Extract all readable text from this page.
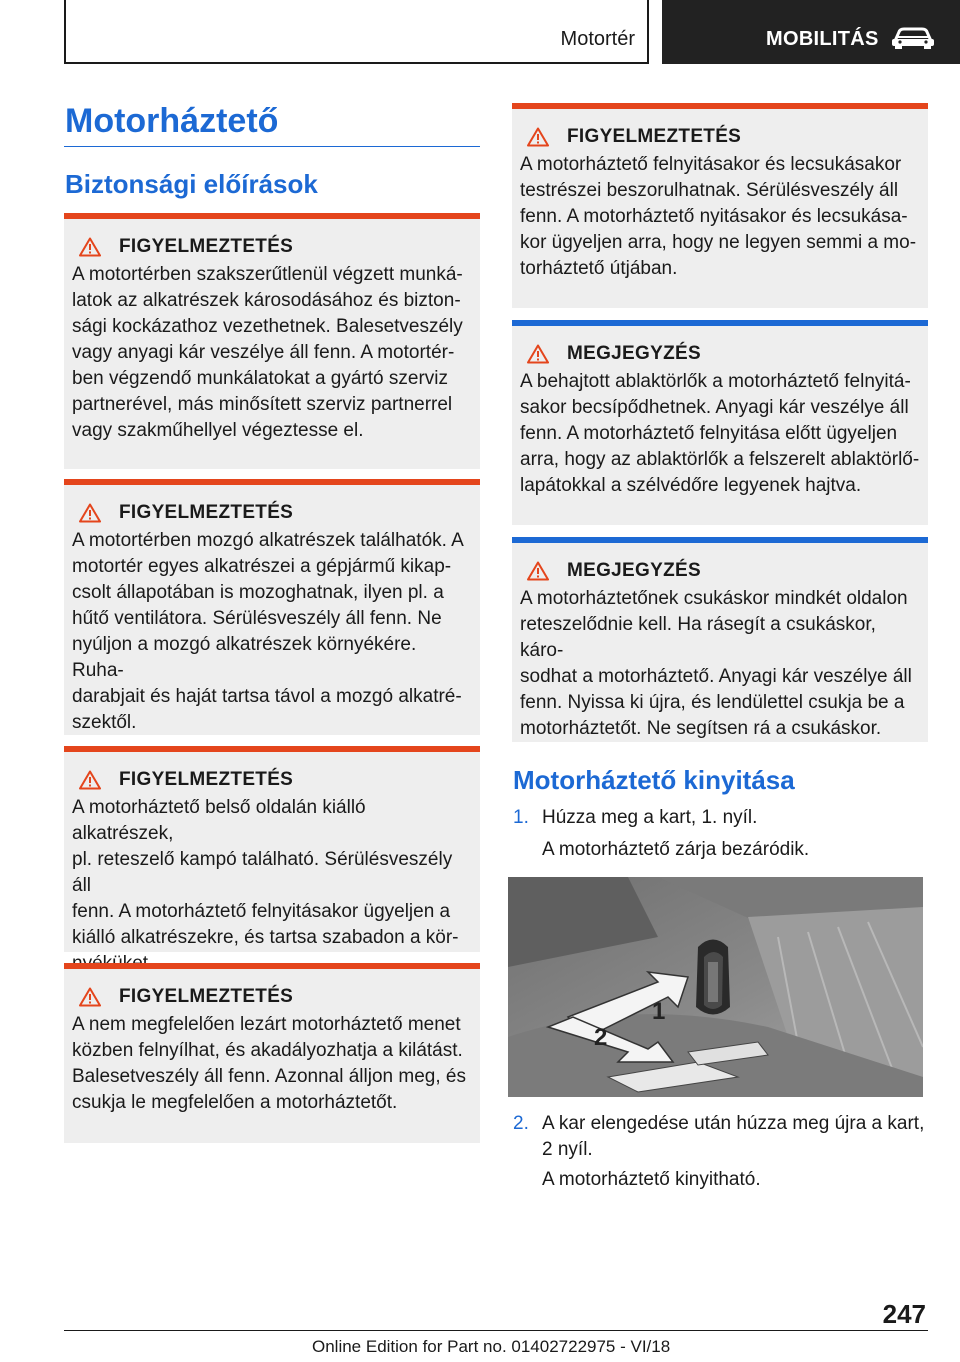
Motortér	MOBILITÁS
Motorháztető
Biztonsági előírások
FIGYELMEZTETÉS

A motortérben szakszerűtlenül végzett munká-
latok az alkatrészek károsodásához és bizton-
sági kockázathoz vezethetnek. Balesetveszély
vagy anyagi kár veszélye áll fenn. A motortér-
ben végzendő munkálatokat a gyártó szerviz
partnerével, más minősített szerviz partnerrel
vagy szakműhellyel végeztesse el.

FIGYELMEZTETÉS

A motortérben mozgó alkatrészek találhatók. A
motortér egyes alkatrészei a gépjármű kikap-
csolt állapotában is mozoghatnak, ilyen pl. a
hűtő ventilátora. Sérülésveszély áll fenn. Ne
nyúljon a mozgó alkatrészek környékére. Ruha-
darabjait és haját tartsa távol a mozgó alkatré-
szektől.

FIGYELMEZTETÉS

A motorháztető belső oldalán kiálló alkatrészek,
pl. reteszelő kampó található. Sérülésveszély áll
fenn. A motorháztető felnyitásakor ügyeljen a
kiálló alkatrészekre, és tartsa szabadon a kör-

FIGYELMEZTETÉS

A nem megfelelően lezárt motorháztető menet
közben felnyílhat, és akadályozhatja a kilátást.
Balesetveszély áll fenn. Azonnal álljon meg, és
csukja le megfelelően a motorháztetőt.

FIGYELMEZTETÉS

A motorháztető felnyitásakor és lecsukásakor
testrészei beszorulhatnak. Sérülésveszély áll
fenn. A motorháztető nyitásakor és lecsukása-
kor ügyeljen arra, hogy ne legyen semmi a mo-
torháztető útjában.

MEGJEGYZÉS

A behajtott ablaktörlők a motorháztető felnyitá-
sakor becsípődhetnek. Anyagi kár veszélye áll
fenn. A motorháztető felnyitása előtt ügyeljen
arra, hogy az ablaktörlők a felszerelt ablaktörlő-
lapátokkal a szélvédőre legyenek hajtva.

MEGJEGYZÉS

A motorháztetőnek csukáskor mindkét oldalon
reteszelődnie kell. Ha rásegít a csukáskor, káro-
sodhat a motorháztető. Anyagi kár veszélye áll
fenn. Nyissa ki újra, és lendülettel csukja be a
motorháztetőt. Ne segítsen rá a csukáskor.

Motorháztető kinyitása
1. Húzza meg a kart, 1. nyíl.
A motorháztető zárja bezáródik.
1
2
2. A kar elengedése után húzza meg újra a kart,
2 nyíl.
A motorháztető kinyitható.
247
Online Edition for Part no. 01402722975 - VI/18
